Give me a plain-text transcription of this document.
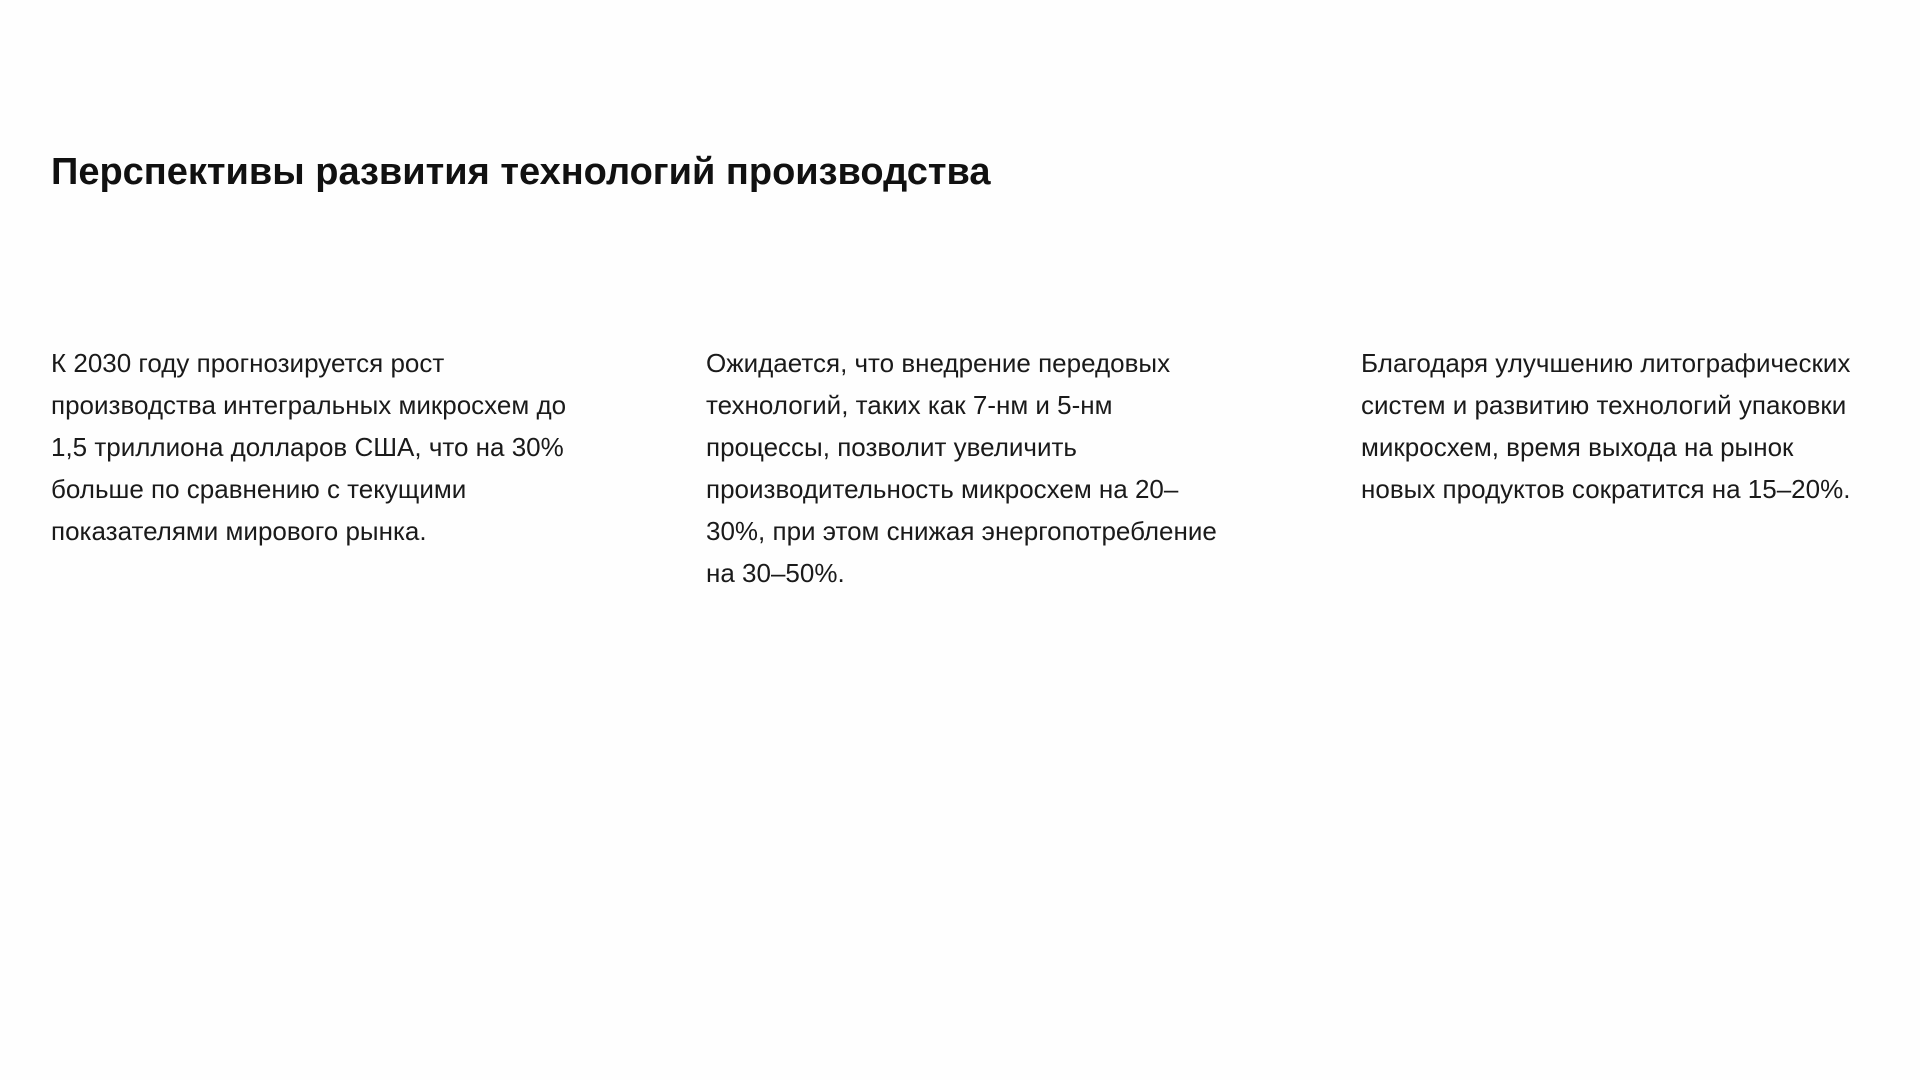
Перспективы развития технологий производства

К 2030 году прогнозируется рост производства интегральных микросхем до 1,5 триллиона долларов США, что на 30% больше по сравнению с текущими показателями мирового рынка.

Ожидается, что внедрение передовых технологий, таких как 7-нм и 5-нм процессы, позволит увеличить производительность микросхем на 20–30%, при этом снижая энергопотребление на 30–50%.

Благодаря улучшению литографических систем и развитию технологий упаковки микросхем, время выхода на рынок новых продуктов сократится на 15–20%.
